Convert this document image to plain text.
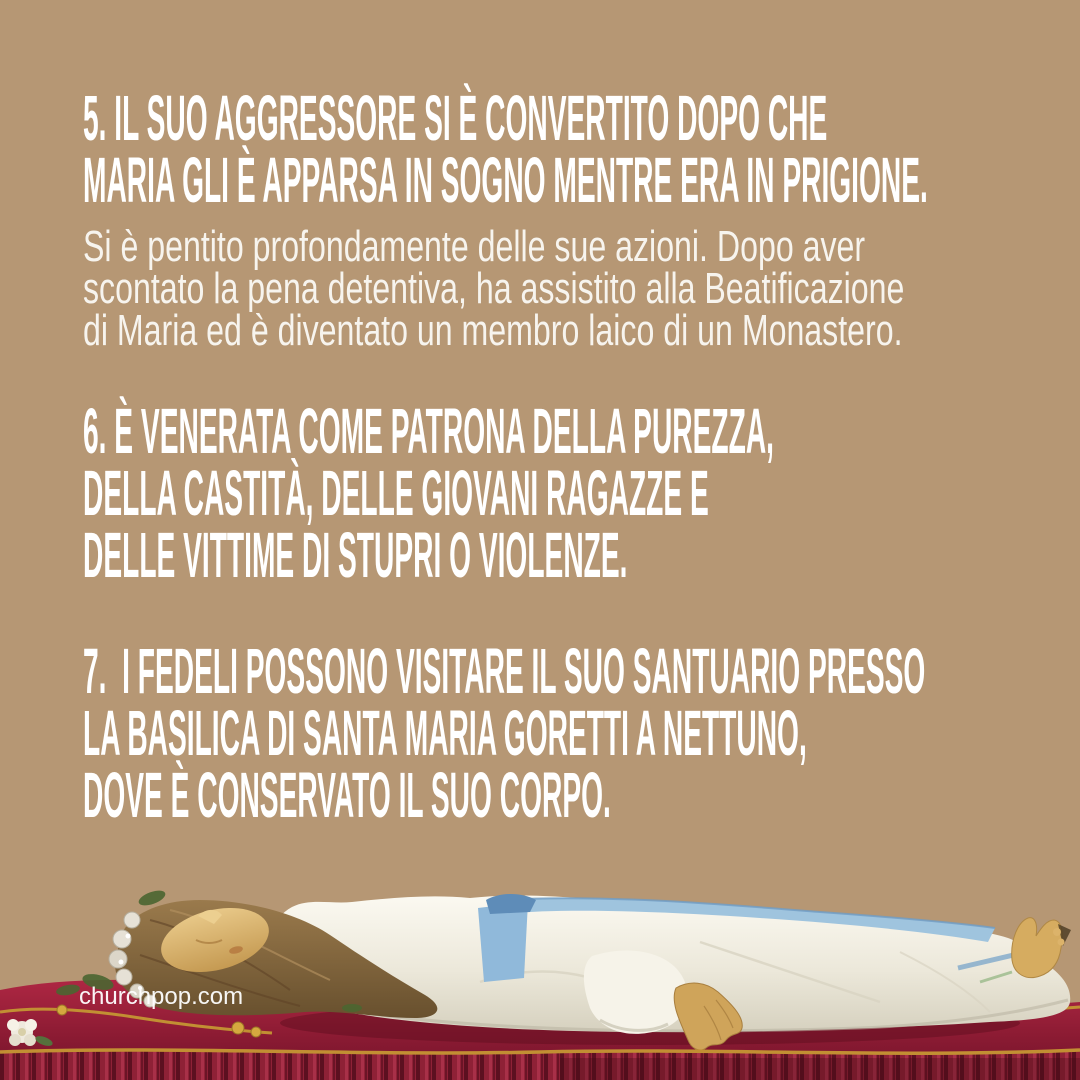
5. IL SUO AGGRESSORE SI È CONVERTITO DOPO CHE
MARIA GLI È APPARSA IN SOGNO MENTRE ERA IN PRIGIONE.
Si è pentito profondamente delle sue azioni. Dopo aver
scontato la pena detentiva, ha assistito alla Beatificazione
di Maria ed è diventato un membro laico di un Monastero.
6. È VENERATA COME PATRONA DELLA PUREZZA,
DELLA CASTITÀ, DELLE GIOVANI RAGAZZE E
DELLE VITTIME DI STUPRI O VIOLENZE.
7.  I FEDELI POSSONO VISITARE IL SUO SANTUARIO PRESSO
LA BASILICA DI SANTA MARIA GORETTI A NETTUNO,
DOVE È CONSERVATO IL SUO CORPO.
churchpop.com
